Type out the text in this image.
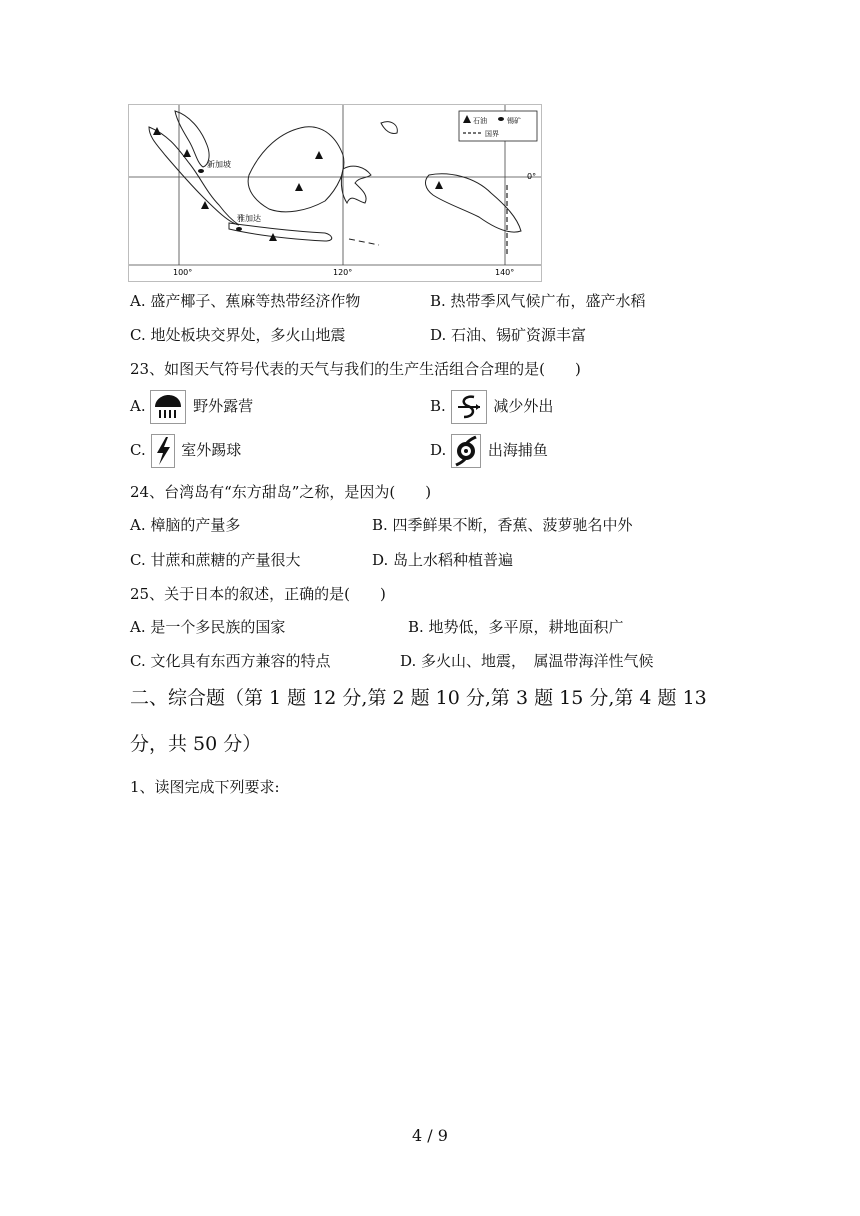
石油	锡矿
国界
新加坡
雅加达
100°	120°	140°
0°
A. 盛产椰子、蕉麻等热带经济作物	B. 热带季风气候广布，盛产水稻
C. 地处板块交界处，多火山地震	D. 石油、锡矿资源丰富
23、如图天气符号代表的天气与我们的生产生活组合合理的是(　　)
A.	野外露营	B.	减少外出
C. 室外踢球	D.	出海捕鱼
24、台湾岛有“东方甜岛”之称，是因为(　　)
A. 樟脑的产量多	B. 四季鲜果不断，香蕉、菠萝驰名中外
C. 甘蔗和蔗糖的产量很大	D. 岛上水稻种植普遍
25、关于日本的叙述，正确的是(　　)
A. 是一个多民族的国家	B. 地势低，多平原，耕地面积广
C. 文化具有东西方兼容的特点	D. 多火山、地震，　属温带海洋性气候
二、综合题（第 1 题 12 分,第 2 题 10 分,第 3 题 15 分,第 4 题 13
分，共 50 分）
1、读图完成下列要求:
4 / 9
